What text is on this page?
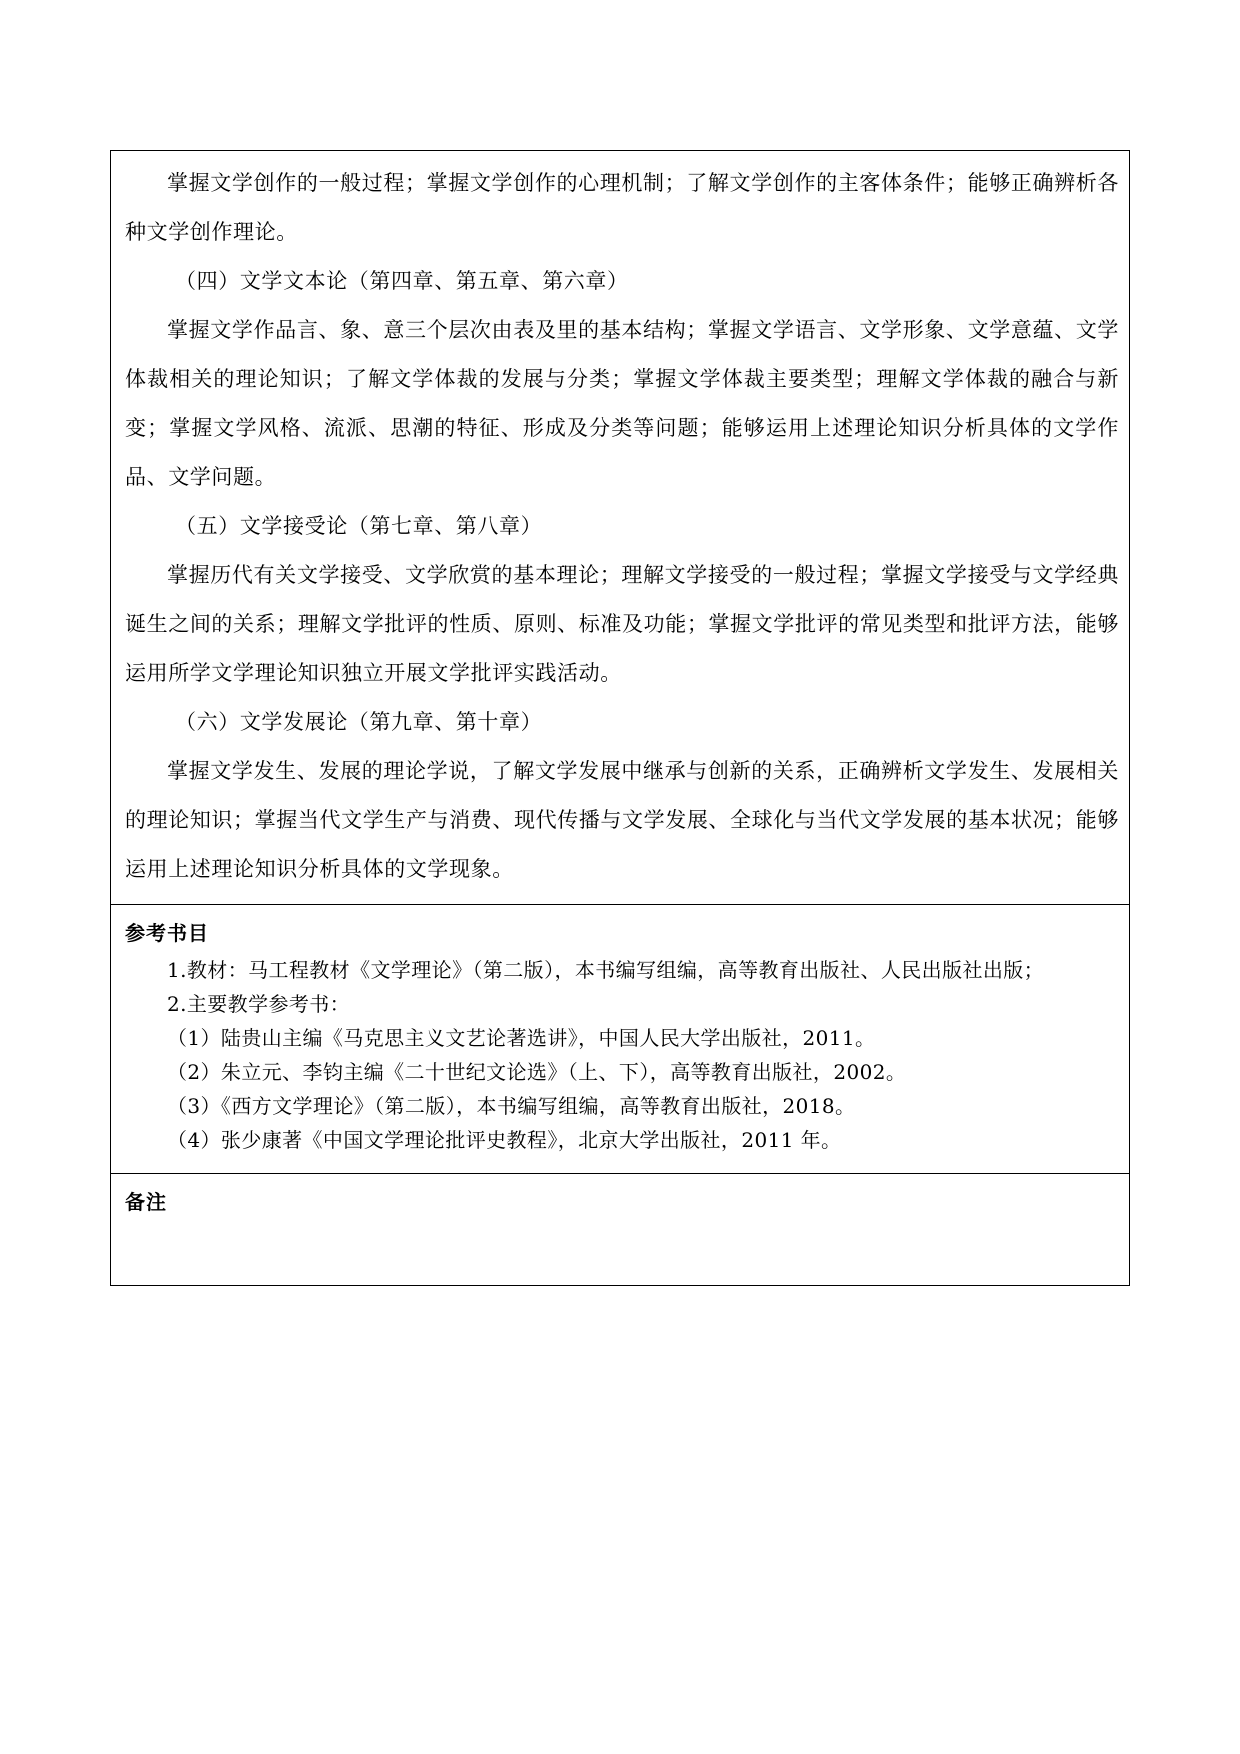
掌握文学创作的一般过程；掌握文学创作的心理机制；了解文学创作的主客体条件；能够正确辨析各种文学创作理论。

（四）文学文本论（第四章、第五章、第六章）

掌握文学作品言、象、意三个层次由表及里的基本结构；掌握文学语言、文学形象、文学意蕴、文学体裁相关的理论知识；了解文学体裁的发展与分类；掌握文学体裁主要类型；理解文学体裁的融合与新变；掌握文学风格、流派、思潮的特征、形成及分类等问题；能够运用上述理论知识分析具体的文学作品、文学问题。

（五）文学接受论（第七章、第八章）

掌握历代有关文学接受、文学欣赏的基本理论；理解文学接受的一般过程；掌握文学接受与文学经典诞生之间的关系；理解文学批评的性质、原则、标准及功能；掌握文学批评的常见类型和批评方法，能够运用所学文学理论知识独立开展文学批评实践活动。

（六）文学发展论（第九章、第十章）

掌握文学发生、发展的理论学说，了解文学发展中继承与创新的关系，正确辨析文学发生、发展相关的理论知识；掌握当代文学生产与消费、现代传播与文学发展、全球化与当代文学发展的基本状况；能够运用上述理论知识分析具体的文学现象。

参考书目

1.教材：马工程教材《文学理论》（第二版），本书编写组编，高等教育出版社、人民出版社出版；

2.主要教学参考书：

（1）陆贵山主编《马克思主义文艺论著选讲》，中国人民大学出版社，2011。

（2）朱立元、李钧主编《二十世纪文论选》（上、下），高等教育出版社，2002。

（3）《西方文学理论》（第二版），本书编写组编，高等教育出版社，2018。

（4）张少康著《中国文学理论批评史教程》，北京大学出版社，2011 年。

备注
